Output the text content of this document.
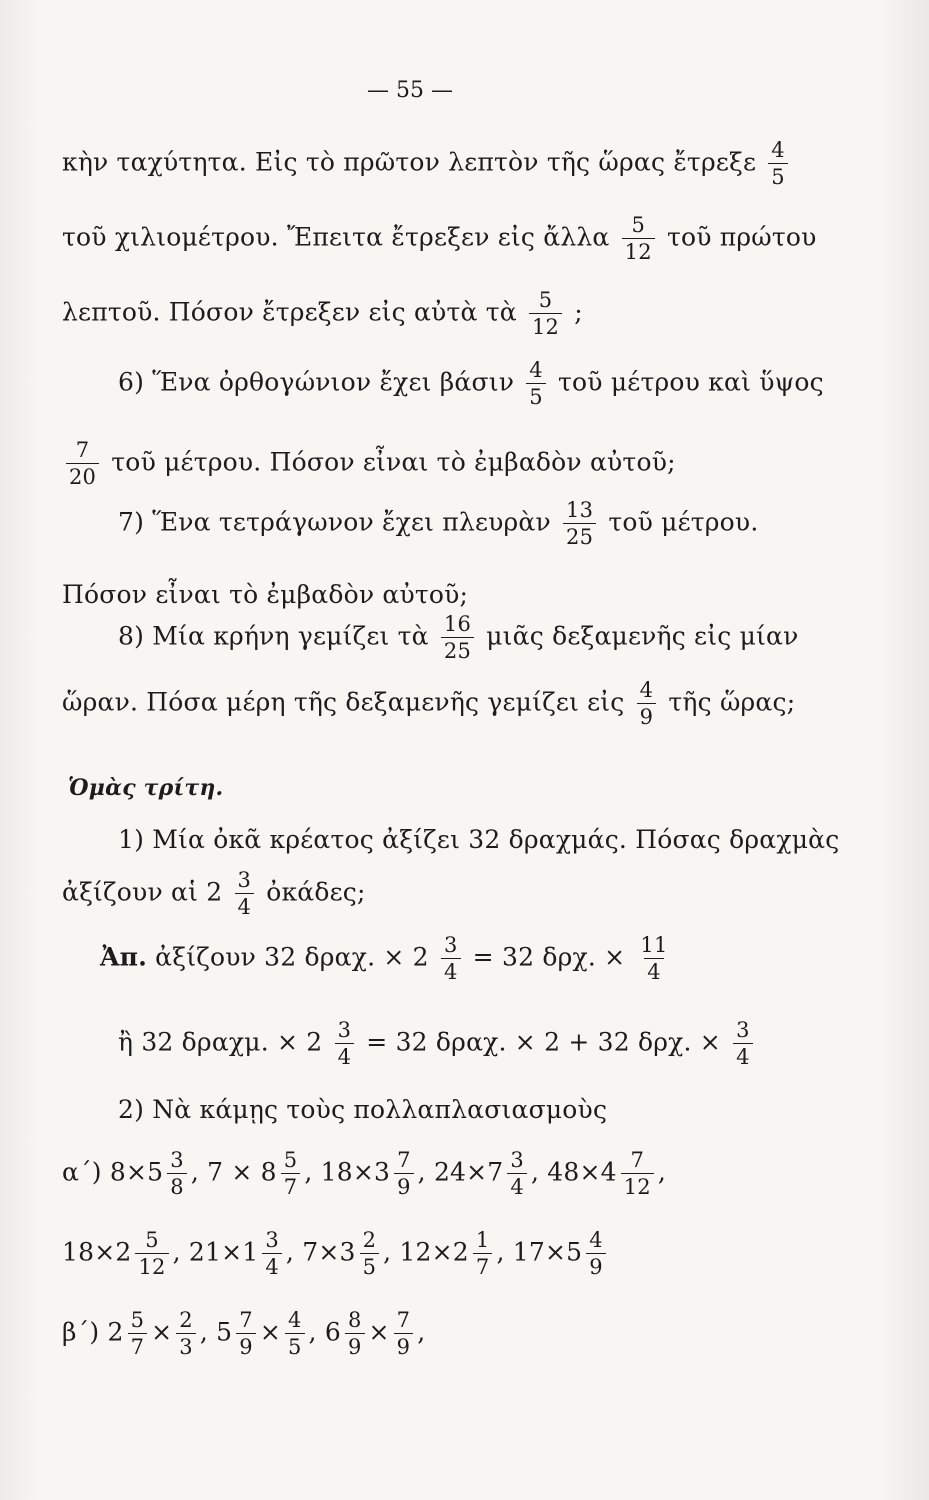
— 55 —
κὴν ταχύτητα. Εἰς τὸ πρῶτον λεπτὸν τῆς ὥρας ἔτρεξε $\frac{4}{5}$
τοῦ χιλιομέτρου. Ἔπειτα ἔτρεξεν εἰς ἄλλα $\frac{5}{12}$ τοῦ πρώτου
λεπτοῦ. Πόσον ἔτρεξεν εἰς αὐτὰ τὰ $\frac{5}{12}$ ;
6) Ἕνα ὀρθογώνιον ἔχει βάσιν $\frac{4}{5}$ τοῦ μέτρου καὶ ὕψος
$\frac{7}{20}$ τοῦ μέτρου. Πόσον εἶναι τὸ ἐμβαδὸν αὐτοῦ;
7) Ἕνα τετράγωνον ἔχει πλευρὰν $\frac{13}{25}$ τοῦ μέτρου.
Πόσον εἶναι τὸ ἐμβαδὸν αὐτοῦ;
8) Μία κρήνη γεμίζει τὰ $\frac{16}{25}$ μιᾶς δεξαμενῆς εἰς μίαν
ὥραν. Πόσα μέρη τῆς δεξαμενῆς γεμίζει εἰς $\frac{4}{9}$ τῆς ὥρας;
Ὁμὰς τρίτη.
1) Μία ὀκᾶ κρέατος ἀξίζει 32 δραχμάς. Πόσας δραχμὰς
ἀξίζουν αἱ $2 \frac{3}{4}$ ὀκάδες;
Ἀπ. ἀξίζουν 32 δραχ. × $2 \frac{3}{4} = 32$ δρχ. × $\frac{11}{4}$
ἢ 32 δραχμ. × $2 \frac{3}{4} = 32$ δραχ. × 2 + 32 δρχ. × $\frac{3}{4}$
2) Νὰ κάμῃς τοὺς πολλαπλασιασμοὺς
α΄) $8\times 5 \frac{3}{8}$ , $7 \times 8 \frac{5}{7}$ , $18\times 3 \frac{7}{9}$ , $24\times 7 \frac{3}{4}$ , $48\times 4 \frac{7}{12}$ ,
$18\times 2 \frac{5}{12}$ , $21\times 1 \frac{3}{4}$ , $7\times 3 \frac{2}{5}$ , $12\times 2 \frac{1}{7}$ , $17\times 5 \frac{4}{9}$
β΄) $2 \frac{5}{7} \times \frac{2}{3}$ , $5 \frac{7}{9} \times \frac{4}{5}$ , $6 \frac{8}{9} \times \frac{7}{9}$ ,
